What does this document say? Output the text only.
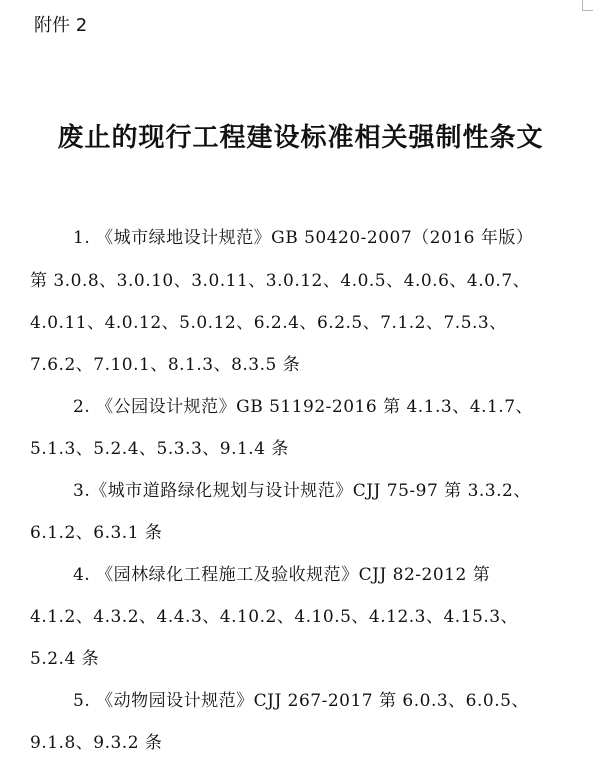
附件 2
废止的现行工程建设标准相关强制性条文
1. 《城市绿地设计规范》GB 50420-2007（2016 年版）
第 3.0.8、3.0.10、3.0.11、3.0.12、4.0.5、4.0.6、4.0.7、
4.0.11、4.0.12、5.0.12、6.2.4、6.2.5、7.1.2、7.5.3、
7.6.2、7.10.1、8.1.3、8.3.5 条
2. 《公园设计规范》GB 51192-2016 第 4.1.3、4.1.7、
5.1.3、5.2.4、5.3.3、9.1.4 条
3.《城市道路绿化规划与设计规范》CJJ 75-97 第 3.3.2、
6.1.2、6.3.1 条
4. 《园林绿化工程施工及验收规范》CJJ 82-2012 第
4.1.2、4.3.2、4.4.3、4.10.2、4.10.5、4.12.3、4.15.3、
5.2.4 条
5. 《动物园设计规范》CJJ 267-2017 第 6.0.3、6.0.5、
9.1.8、9.3.2 条
